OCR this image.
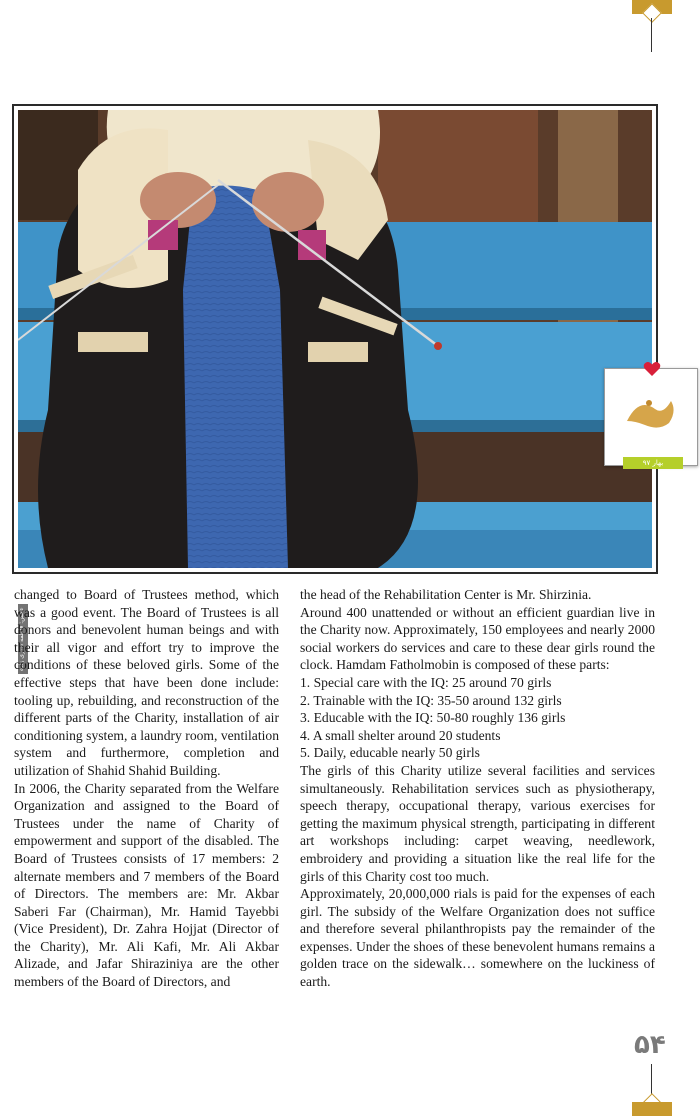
عکس: فاطمه صبری زاده
بهار ۹۷

changed to Board of Trustees method, which was a good event. The Board of Trustees is all donors and benevolent human beings and with their all vigor and effort try to improve the conditions of these beloved girls. Some of the effective steps that have been done include: tooling up, rebuilding, and reconstruction of the different parts of the Charity, installation of air conditioning system, a laundry room, ventilation system and furthermore, completion and utilization of Shahid Shahid Building.

In 2006, the Charity separated from the Welfare Organization and assigned to the Board of Trustees under the name of Charity of empowerment and support of the disabled. The Board of Trustees consists of 17 members: 2 alternate members and 7 members of the Board of Directors. The members are: Mr. Akbar Saberi Far (Chairman), Mr. Hamid Tayebbi (Vice President), Dr. Zahra Hojjat (Director of the Charity), Mr. Ali Kafi, Mr. Ali Akbar Alizade, and Jafar Shiraziniya are the other members of the Board of Directors, and

the head of the Rehabilitation Center is Mr. Shirzinia.

Around 400 unattended or without an efficient guardian live in the Charity now. Approximately, 150 employees and nearly 2000 social workers do services and care to these dear girls round the clock. Hamdam Fatholmobin is composed of these parts:

1. Special care with the IQ: 25 around 70 girls

2. Trainable with the IQ: 35-50 around 132 girls

3. Educable with the IQ: 50-80 roughly 136 girls

4. A small shelter around 20 students

5. Daily, educable nearly 50 girls

The girls of this Charity utilize several facilities and services simultaneously. Rehabilitation services such as physiotherapy, speech therapy, occupational therapy, various exercises for getting the maximum physical strength, participating in different art workshops including: carpet weaving, needlework, embroidery and providing a situation like the real life for the girls of this Charity cost too much.

Approximately, 20,000,000 rials is paid for the expenses of each girl. The subsidy of the Welfare Organization does not suffice and therefore several philanthropists pay the remainder of the expenses. Under the shoes of these benevolent humans remains a golden trace on the sidewalk… somewhere on the luckiness of earth.

۵۴
